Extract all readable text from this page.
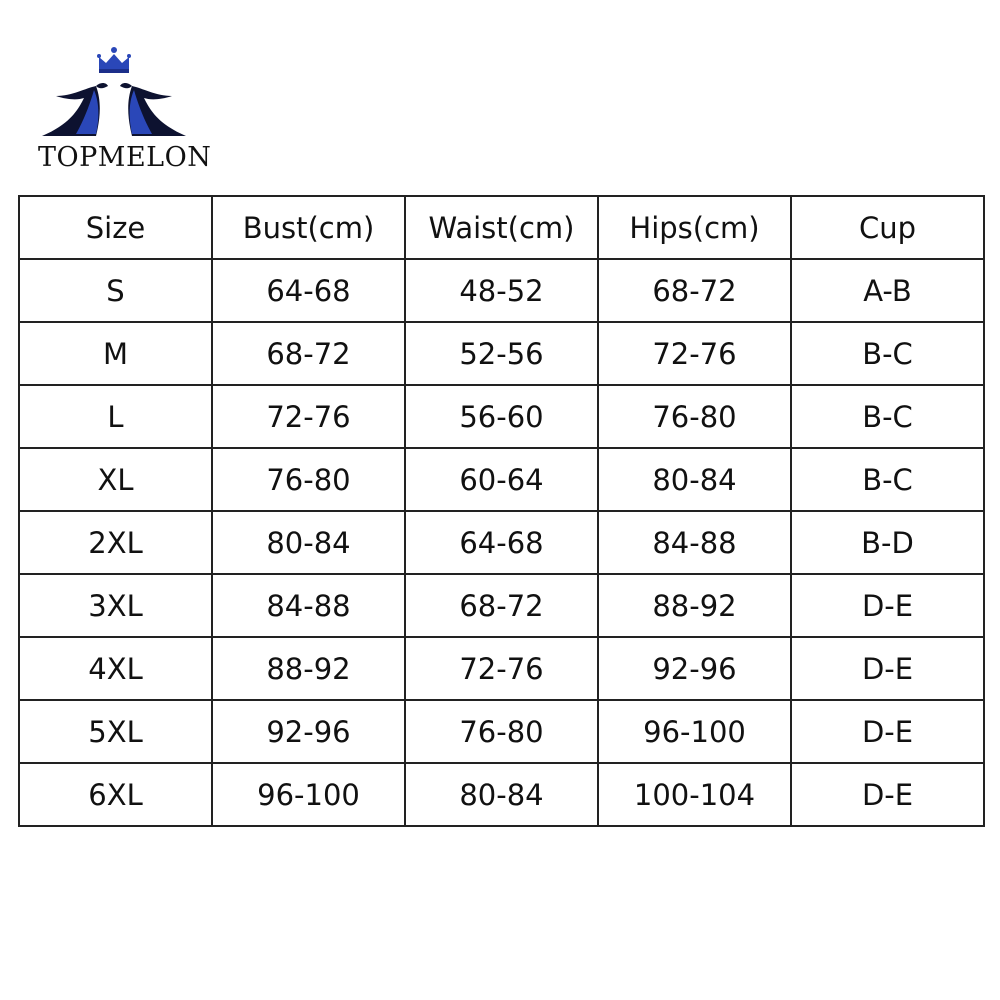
TOPMELON
Size	Bust(cm)	Waist(cm)	Hips(cm)	Cup
S	64-68	48-52	68-72	A-B
M	68-72	52-56	72-76	B-C
L	72-76	56-60	76-80	B-C
XL	76-80	60-64	80-84	B-C
2XL	80-84	64-68	84-88	B-D
3XL	84-88	68-72	88-92	D-E
4XL	88-92	72-76	92-96	D-E
5XL	92-96	76-80	96-100	D-E
6XL	96-100	80-84	100-104	D-E
